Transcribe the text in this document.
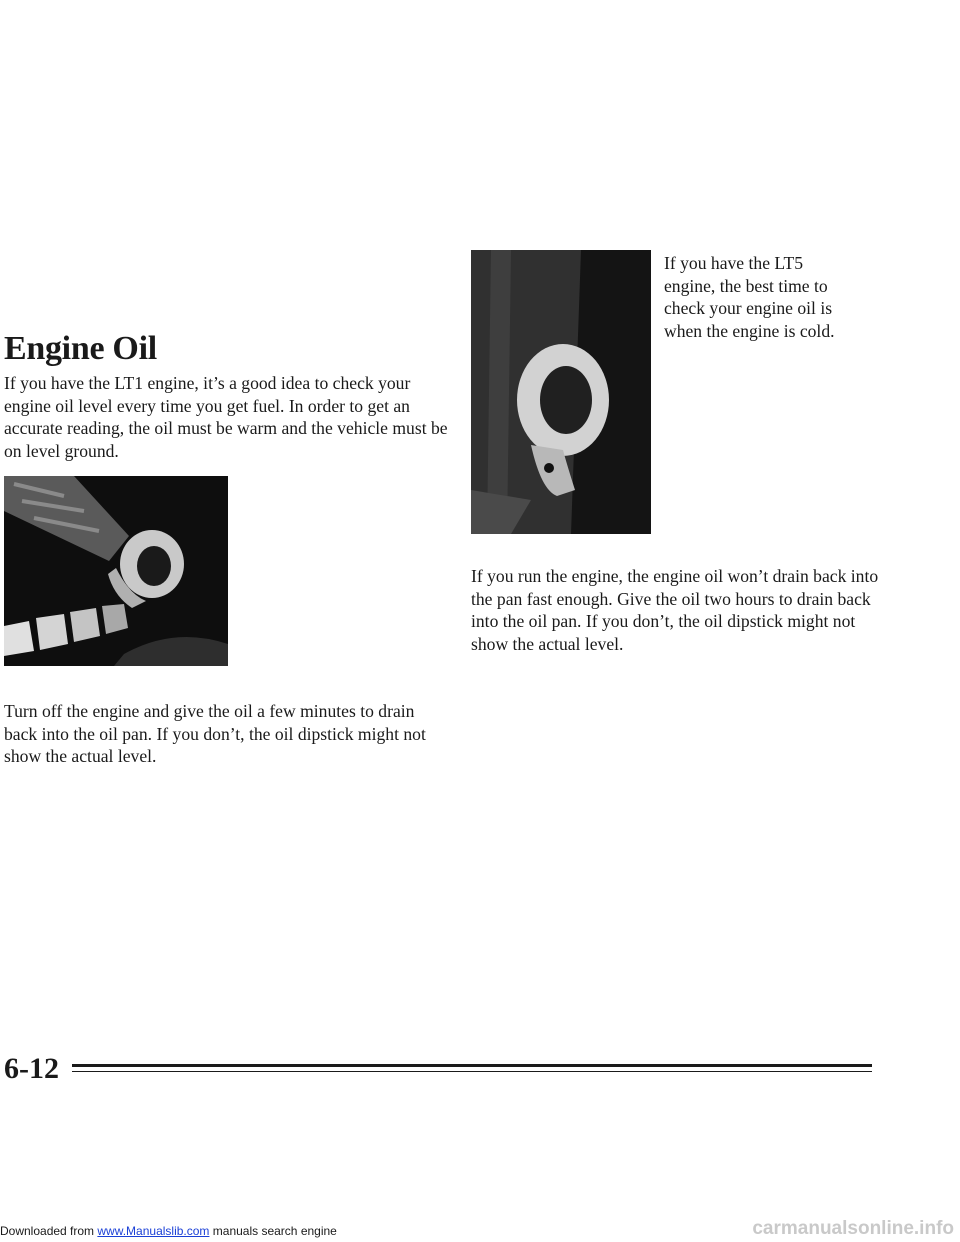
Engine Oil

If you have the LT1 engine, it’s a good idea to check your engine oil level every time you get fuel. In order to get an accurate reading, the oil must be warm and the vehicle must be on level ground.

Turn off the engine and give the oil a few minutes to drain back into the oil pan. If you don’t, the oil dipstick might not show the actual level.

If you have the LT5 engine, the best time to check your engine oil is when the engine is cold.

If you run the engine, the engine oil won’t drain back into the pan fast enough. Give the oil two hours to drain back into the oil pan. If you don’t, the oil dipstick might not show the actual level.

6-12

Downloaded from www.Manualslib.com manuals search engine	carmanualsonline.info
